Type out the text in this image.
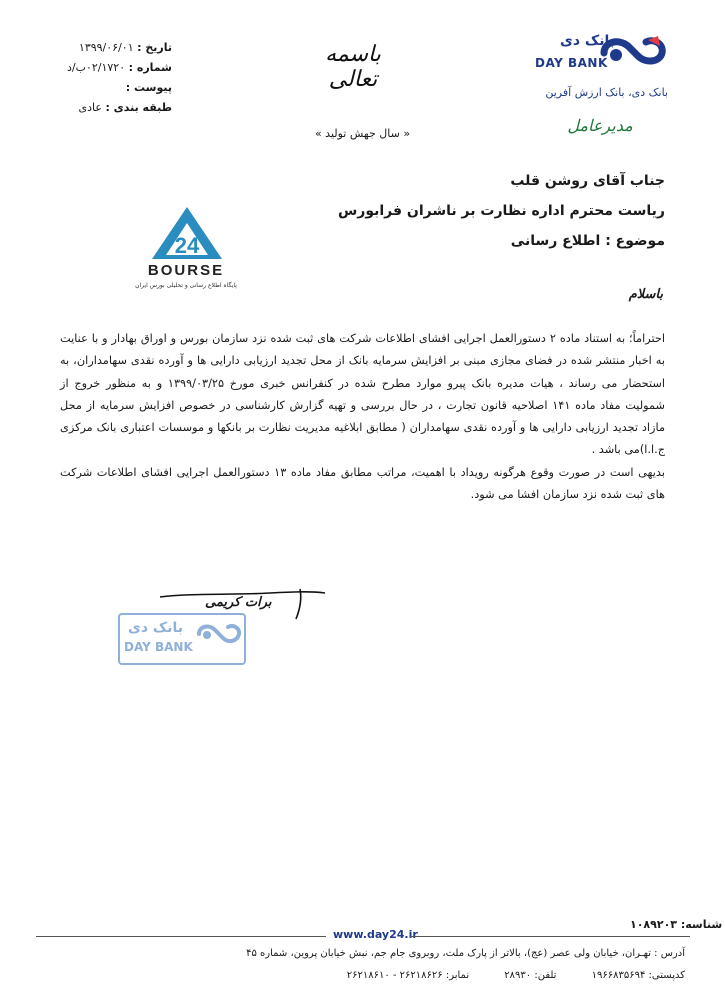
تاریخ : ۱۳۹۹/۰۶/۰۱
شماره : ۰۲/۱۷۲۰ب/د
پیوست :
طبقه بندی : عادی
باسمه تعالی
بانک دی
DAY BANK
بانک دی، بانک ارزش آفرین
مدیرعامل
« سال جهش تولید »
جناب آقای روشن قلب
ریاست محترم اداره نظارت بر ناشران فرابورس
موضوع : اطلاع رسانی
24
BOURSE
پایگاه اطلاع رسانی و تحلیلی بورس ایران
باسلام

احتراماً؛ به استناد ماده ۲ دستورالعمل اجرایی افشای اطلاعات شرکت های ثبت شده نزد سازمان بورس و اوراق بهادار و با عنایت به اخبار منتشر شده در فضای مجازی مبنی بر افزایش سرمایه بانک از محل تجدید ارزیابی دارایی ها و آورده نقدی سهامداران، به استحضار می رساند ، هیات مدیره بانک پیرو موارد مطرح شده در کنفرانس خبری مورخ ۱۳۹۹/۰۳/۲۵ و به منظور خروج از شمولیت مفاد ماده ۱۴۱ اصلاحیه قانون تجارت ، در حال بررسی و تهیه گزارش کارشناسی در خصوص افزایش سرمایه از محل مازاد تجدید ارزیابی دارایی ها و آورده نقدی سهامداران ( مطابق ابلاغیه مدیریت نظارت بر بانکها و موسسات اعتباری بانک مرکزی ج.ا.ا)می باشد .

بدیهی است در صورت وقوع هرگونه رویداد با اهمیت، مراتب مطابق مفاد ماده ۱۳ دستورالعمل اجرایی افشای اطلاعات شرکت های ثبت شده نزد سازمان افشا می شود.

برات کریمی
بانک دی
DAY BANK
شناسه: ۱۰۸۹۲۰۳
www.day24.ir
آدرس : تهـران، خیابان ولی عصر (عج)، بالاتر از پارک ملت، روبروی جام جم، نبش خیابان پروین، شماره ۴۵
کدپستی: ۱۹۶۶۸۳۵۶۹۴ تلفن: ۲۸۹۳۰ نمابر: ۲۶۲۱۸۶۲۶ - ۲۶۲۱۸۶۱۰
